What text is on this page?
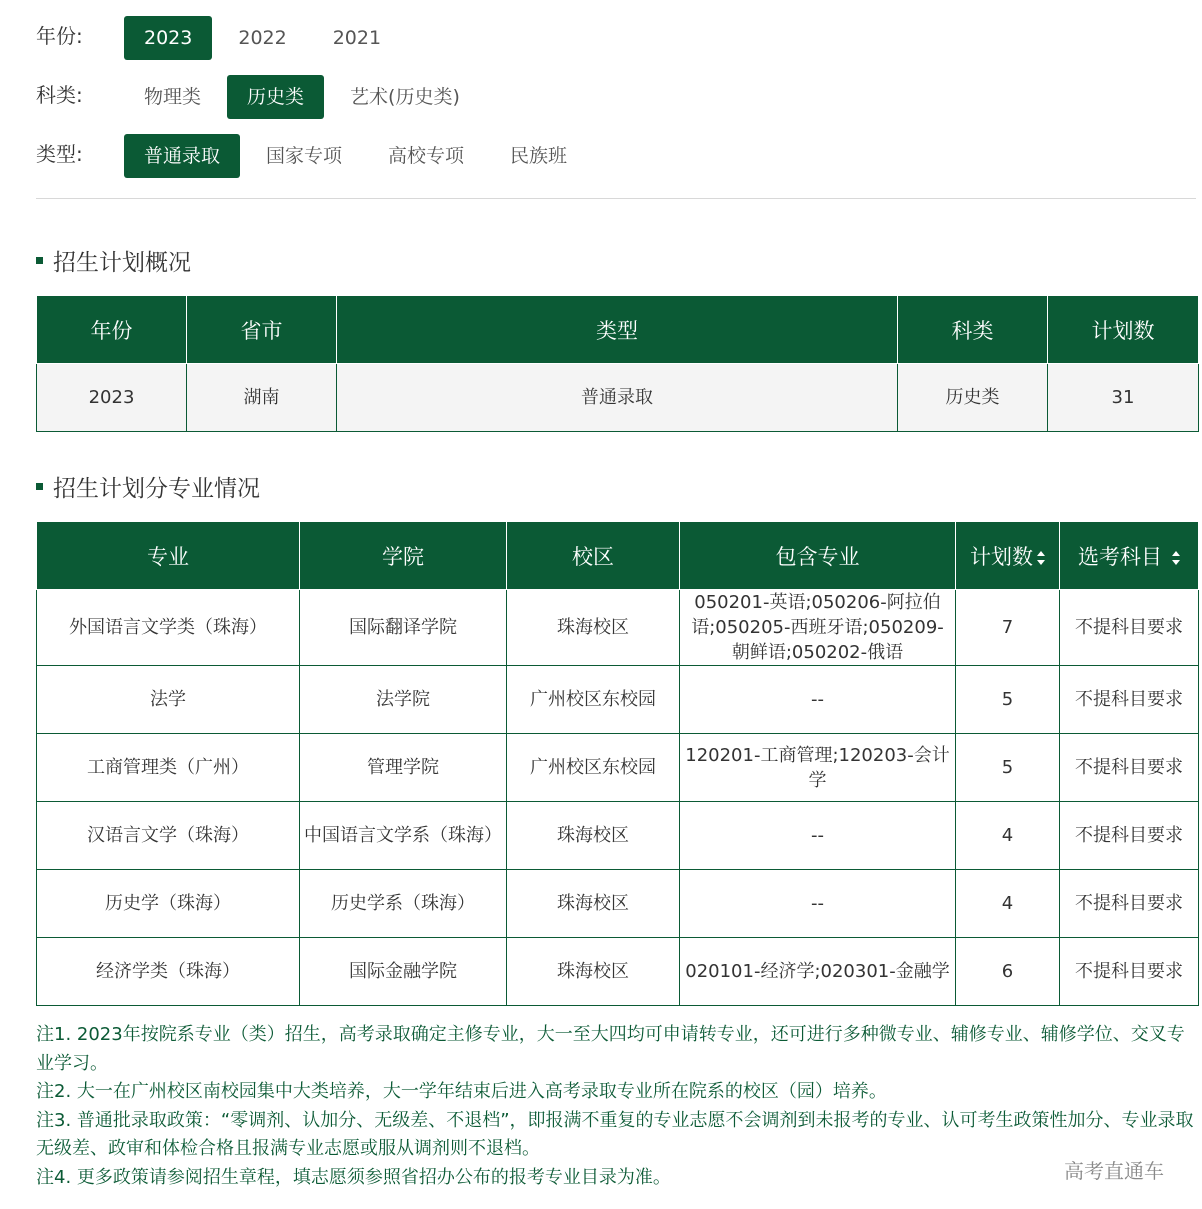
年份:	2023	2022	2021
科类:	物理类	历史类	艺术(历史类)
类型:	普通录取	国家专项	高校专项	民族班
招生计划概况
年份	省市	类型	科类	计划数
2023	湖南	普通录取	历史类	31
招生计划分专业情况
专业	学院	校区	包含专业	计划数	选考科目

外国语言文学类（珠海）	国际翻译学院	珠海校区	050201-英语;050206-阿拉伯语;050205-西班牙语;050209-朝鲜语;050202-俄语	7	不提科目要求
法学	法学院	广州校区东校园	--	5	不提科目要求
工商管理类（广州）	管理学院	广州校区东校园	120201-工商管理;120203-会计学	5	不提科目要求
汉语言文学（珠海）	中国语言文学系（珠海）	珠海校区	--	4	不提科目要求
历史学（珠海）	历史学系（珠海）	珠海校区	--	4	不提科目要求
经济学类（珠海）	国际金融学院	珠海校区	020101-经济学;020301-金融学	6	不提科目要求

注1. 2023年按院系专业（类）招生，高考录取确定主修专业，大一至大四均可申请转专业，还可进行多种微专业、辅修专业、辅修学位、交叉专业学习。

注2. 大一在广州校区南校园集中大类培养，大一学年结束后进入高考录取专业所在院系的校区（园）培养。

注3. 普通批录取政策：“零调剂、认加分、无级差、不退档”，即报满不重复的专业志愿不会调剂到未报考的专业、认可考生政策性加分、专业录取无级差、政审和体检合格且报满专业志愿或服从调剂则不退档。

注4. 更多政策请参阅招生章程，填志愿须参照省招办公布的报考专业目录为准。	高考直通车
